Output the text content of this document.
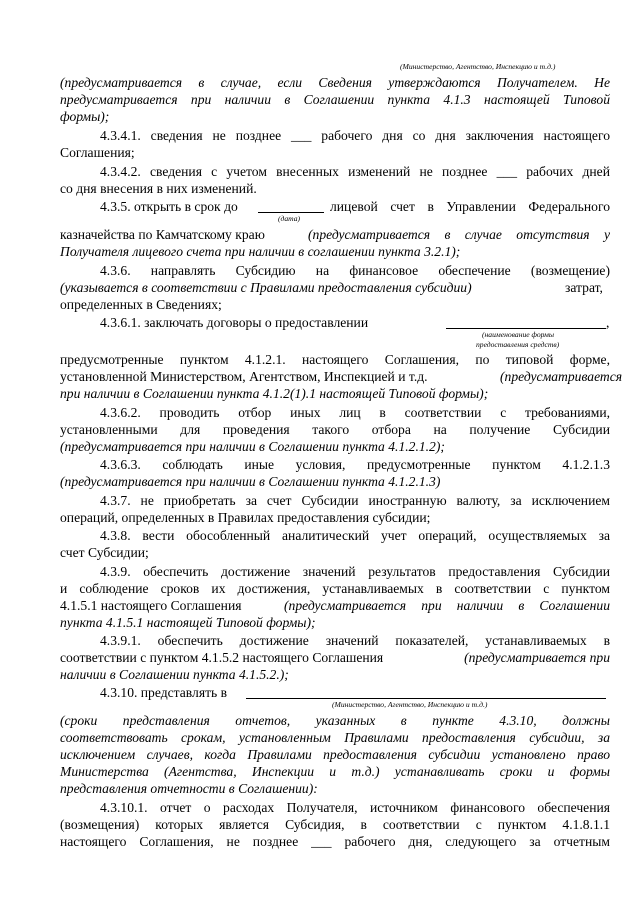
(Министерство, Агентство, Инспекцию и т.д.)
(предусматривается в случае, если Сведения утверждаются Получателем. Не
предусматривается при наличии в Соглашении пункта 4.1.3 настоящей Типовой
формы);
4.3.4.1. сведения не позднее ___ рабочего дня со дня заключения настоящего
Соглашения;
4.3.4.2. сведения с учетом внесенных изменений не позднее ___ рабочих дней
со дня внесения в них изменений.
4.3.5. открыть в срок до	лицевой счет в Управлении Федерального
(дата)
казначейства по Камчатскому краю	(предусматривается в случае отсутствия у
Получателя лицевого счета при наличии в соглашении пункта 3.2.1);
4.3.6. направлять Субсидию на финансовое обеспечение (возмещение)
(указывается в соответствии с Правилами предоставления субсидии)	затрат,
определенных в Сведениях;
4.3.6.1. заключать договоры о предоставлении	,
(наименование формы
предоставления средств)
предусмотренные пунктом 4.1.2.1. настоящего Соглашения, по типовой форме,
установленной Министерством, Агентством, Инспекцией и т.д.	(предусматривается
при наличии в Соглашении пункта 4.1.2(1).1 настоящей Типовой формы);
4.3.6.2. проводить отбор иных лиц в соответствии с требованиями,
установленными для проведения такого отбора на получение Субсидии
(предусматривается при наличии в Соглашении пункта 4.1.2.1.2);
4.3.6.3. соблюдать иные условия, предусмотренные пунктом 4.1.2.1.3
(предусматривается при наличии в Соглашении пункта 4.1.2.1.3)
4.3.7. не приобретать за счет Субсидии иностранную валюту, за исключением
операций, определенных в Правилах предоставления субсидии;
4.3.8. вести обособленный аналитический учет операций, осуществляемых за
счет Субсидии;
4.3.9. обеспечить достижение значений результатов предоставления Субсидии
и соблюдение сроков их достижения, устанавливаемых в соответствии с пунктом
4.1.5.1 настоящего Соглашения	(предусматривается при наличии в Соглашении
пункта 4.1.5.1 настоящей Типовой формы);
4.3.9.1. обеспечить достижение значений показателей, устанавливаемых в
соответствии с пунктом 4.1.5.2 настоящего Соглашения	(предусматривается при
наличии в Соглашении пункта 4.1.5.2.);
4.3.10. представлять в
(Министерство, Агентство, Инспекцию и т.д.)
(сроки представления отчетов, указанных в пункте 4.3.10, должны
соответствовать срокам, установленным Правилами предоставления субсидии, за
исключением случаев, когда Правилами предоставления субсидии установлено право
Министерства (Агентства, Инспекции и т.д.) устанавливать сроки и формы
представления отчетности в Соглашении):
4.3.10.1. отчет о расходах Получателя, источником финансового обеспечения
(возмещения) которых является Субсидия, в соответствии с пунктом 4.1.8.1.1
настоящего Соглашения, не позднее ___ рабочего дня, следующего за отчетным
